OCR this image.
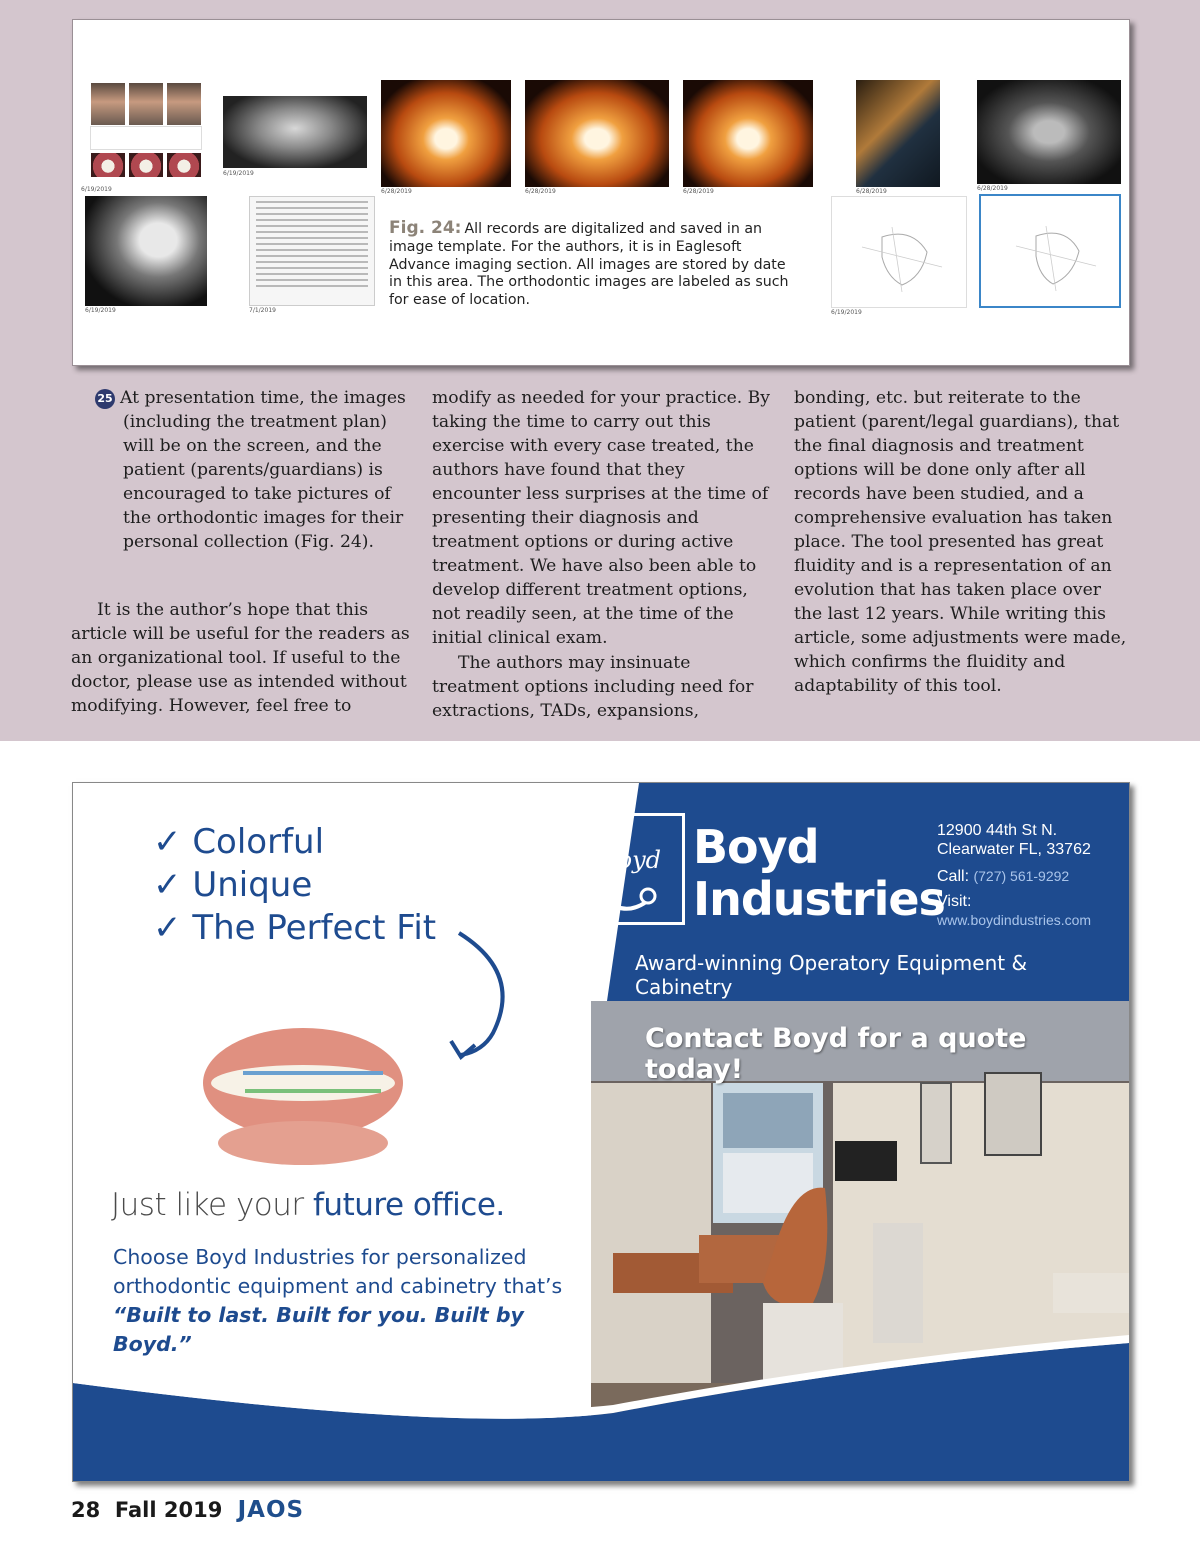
6/19/2019
6/19/2019
6/28/2019	6/28/2019	6/28/2019	6/28/2019	6/28/2019
6/19/2019	7/1/2019
Fig. 24: All records are digitalized and saved in an image template. For the authors, it is in Eaglesoft Advance imaging section. All images are stored by date in this area. The orthodontic images are labeled as such for ease of location.
6/19/2019

25 At presentation time, the images (including the treatment plan) will be on the screen, and the patient (parents/guardians) is encouraged to take pictures of the orthodontic images for their personal collection (Fig. 24).

It is the author’s hope that this article will be useful for the readers as an organizational tool. If useful to the doctor, please use as intended without modifying. However, feel free to

modify as needed for your practice. By taking the time to carry out this exercise with every case treated, the authors have found that they encounter less surprises at the time of presenting their diagnosis and treatment options or during active treatment. We have also been able to develop different treatment options, not readily seen, at the time of the initial clinical exam.

The authors may insinuate treatment options including need for extractions, TADs, expansions,

bonding, etc. but reiterate to the patient (parent/legal guardians), that the final diagnosis and treatment options will be done only after all records have been studied, and a comprehensive evaluation has taken place. The tool presented has great fluidity and is a representation of an evolution that has taken place over the last 12 years. While writing this article, some adjustments were made, which confirms the fluidity and adaptability of this tool.

✓ Colorful
✓ Unique
✓ The Perfect Fit
Boyd Boyd
Industries
12900 44th St N.
Clearwater FL, 33762
Call: (727) 561-9292
Visit:
www.boydindustries.com
Award-winning Operatory Equipment & Cabinetry
Contact Boyd for a quote today!
Just like your future office.
Choose Boyd Industries for personalized
orthodontic equipment and cabinetry that’s
“Built to last. Built for you. Built by Boyd.”
28 Fall 2019 JAOS
